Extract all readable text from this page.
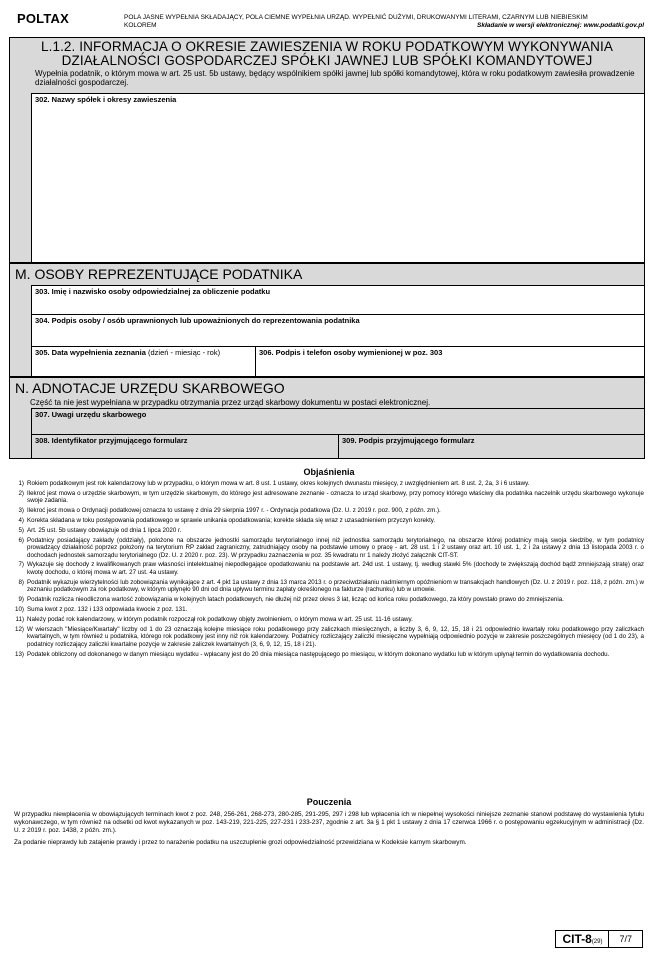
POLTAX	POLA JASNE WYPEŁNIA SKŁADAJĄCY, POLA CIEMNE WYPEŁNIA URZĄD. WYPEŁNIĆ DUŻYMI, DRUKOWANYMI LITERAMI, CZARNYM LUB NIEBIESKIM
KOLOREM	Składanie w wersji elektronicznej: www.podatki.gov.pl
L.1.2. INFORMACJA O OKRESIE ZAWIESZENIA W ROKU PODATKOWYM WYKONYWANIA
DZIAŁALNOŚCI GOSPODARCZEJ SPÓŁKI JAWNEJ LUB SPÓŁKI KOMANDYTOWEJ
Wypełnia podatnik, o którym mowa w art. 25 ust. 5b ustawy, będący wspólnikiem spółki jawnej lub spółki komandytowej, która w roku podatkowym zawiesiła prowadzenie działalności gospodarczej.
302. Nazwy spółek i okresy zawieszenia
M. OSOBY REPREZENTUJĄCE PODATNIKA
303. Imię i nazwisko osoby odpowiedzialnej za obliczenie podatku
304. Podpis osoby / osób uprawnionych lub upoważnionych do reprezentowania podatnika
305. Data wypełnienia zeznania (dzień - miesiąc - rok)	306. Podpis i telefon osoby wymienionej w poz. 303
N. ADNOTACJE URZĘDU SKARBOWEGO
Część ta nie jest wypełniana w przypadku otrzymania przez urząd skarbowy dokumentu w postaci elektronicznej.
307. Uwagi urzędu skarbowego
308. Identyfikator przyjmującego formularz	309. Podpis przyjmującego formularz
Objaśnienia
1) Rokiem podatkowym jest rok kalendarzowy lub w przypadku, o którym mowa w art. 8 ust. 1 ustawy, okres kolejnych dwunastu miesięcy, z uwzględnieniem art. 8 ust. 2, 2a, 3 i 6 ustawy.
2) Ilekroć jest mowa o urzędzie skarbowym, w tym urzędzie skarbowym, do którego jest adresowane zeznanie - oznacza to urząd skarbowy, przy pomocy którego właściwy dla podatnika naczelnik urzędu skarbowego wykonuje swoje zadania.
3) Ilekroć jest mowa o Ordynacji podatkowej oznacza to ustawę z dnia 29 sierpnia 1997 r. - Ordynacja podatkowa (Dz. U. z 2019 r. poz. 900, z późn. zm.).
4) Korekta składana w toku postępowania podatkowego w sprawie unikania opodatkowania; korekte składa się wraz z uzasadnieniem przyczyn korekty.
5) Art. 25 ust. 5b ustawy obowiązuje od dnia 1 lipca 2020 r.
6) Podatnicy posiadający zakłady (oddziały), położone na obszarze jednostki samorządu terytorialnego innej niż jednostka samorządu terytorialnego, na obszarze której podatnicy mają swoja siedzibę, w tym podatnicy prowadzący działalność poprzez położony na terytorium RP zakład zagraniczny, zatrudniający osoby na podstawie umowy o pracę - art. 28 ust. 1 i 2 ustawy oraz art. 10 ust. 1, 2 i 2a ustawy z dnia 13 listopada 2003 r. o dochodach jednostek samorządu terytorialnego (Dz. U. z 2020 r. poz. 23). W przypadku zaznaczenia w poz. 35 kwadratu nr 1 należy złożyć załącznik CIT-ST.
7) Wykazuje się dochody z kwalifikowanych praw własności intelektualnej niepodlegające opodatkowaniu na podstawie art. 24d ust. 1 ustawy, tj. według stawki 5% (dochody te zwiększają dochód bądź zmniejszają stratę) oraz kwotę dochodu, o której mowa w art. 27 ust. 4a ustawy.
8) Podatnik wykazuje wierzytelności lub zobowiązania wynikające z art. 4 pkt 1a ustawy z dnia 13 marca 2013 r. o przeciwdziałaniu nadmiernym opóźnieniom w transakcjach handlowych (Dz. U. z 2019 r. poz. 118, z późn. zm.) w zeznaniu podatkowym za rok podatkowy, w którym upłynęło 90 dni od dnia upływu terminu zapłaty określonego na fakturze (rachunku) lub w umowie.
9) Podatnik rozlicza nieodliczona wartość zobowiązania w kolejnych latach podatkowych, nie dłużej niż przez okres 3 lat, licząc od końca roku podatkowego, za który powstało prawo do zmniejszenia.
10) Suma kwot z poz. 132 i 133 odpowiada kwocie z poz. 131.
11) Należy podać rok kalendarzowy, w którym podatnik rozpoczął rok podatkowy objęty zwolnieniem, o którym mowa w art. 25 ust. 11-16 ustawy.
12) W wierszach "Miesiące/Kwartały" liczby od 1 do 23 oznaczają kolejne miesiące roku podatkowego przy zaliczkach miesięcznych, a liczby 3, 6, 9, 12, 15, 18 i 21 odpowiednio kwartały roku podatkowego przy zaliczkach kwartalnych, w tym również u podatnika, którego rok podatkowy jest inny niż rok kalendarzowy. Podatnicy rozliczający zaliczki miesięczne wypełniają odpowiednio pozycje w zakresie poszczególnych miesięcy (od 1 do 23), a podatnicy rozliczający zaliczki kwartalne pozycje w zakresie zaliczek kwartalnych (3, 6, 9, 12, 15, 18 i 21).
13) Podatek obliczony od dokonanego w danym miesiącu wydatku - wpłacany jest do 20 dnia miesiąca następującego po miesiącu, w którym dokonano wydatku lub w którym upłynął termin do wydatkowania dochodu.
Pouczenia

W przypadku niewpłacenia w obowiązujących terminach kwot z poz. 248, 256-261, 268-273, 280-285, 291-295, 297 i 298 lub wpłacenia ich w niepełnej wysokości niniejsze zeznanie stanowi podstawę do wystawienia tytułu wykonawczego, w tym również na odsetki od kwot wykazanych w poz. 143-219, 221-225, 227-231 i 233-237, zgodnie z art. 3a § 1 pkt 1 ustawy z dnia 17 czerwca 1966 r. o postępowaniu egzekucyjnym w administracji (Dz. U. z 2019 r. poz. 1438, z późn. zm.).

Za podanie nieprawdy lub zatajenie prawdy i przez to narażenie podatku na uszczuplenie grozi odpowiedzialność przewidziana w Kodeksie karnym skarbowym.

CIT-8(29)	7/7
